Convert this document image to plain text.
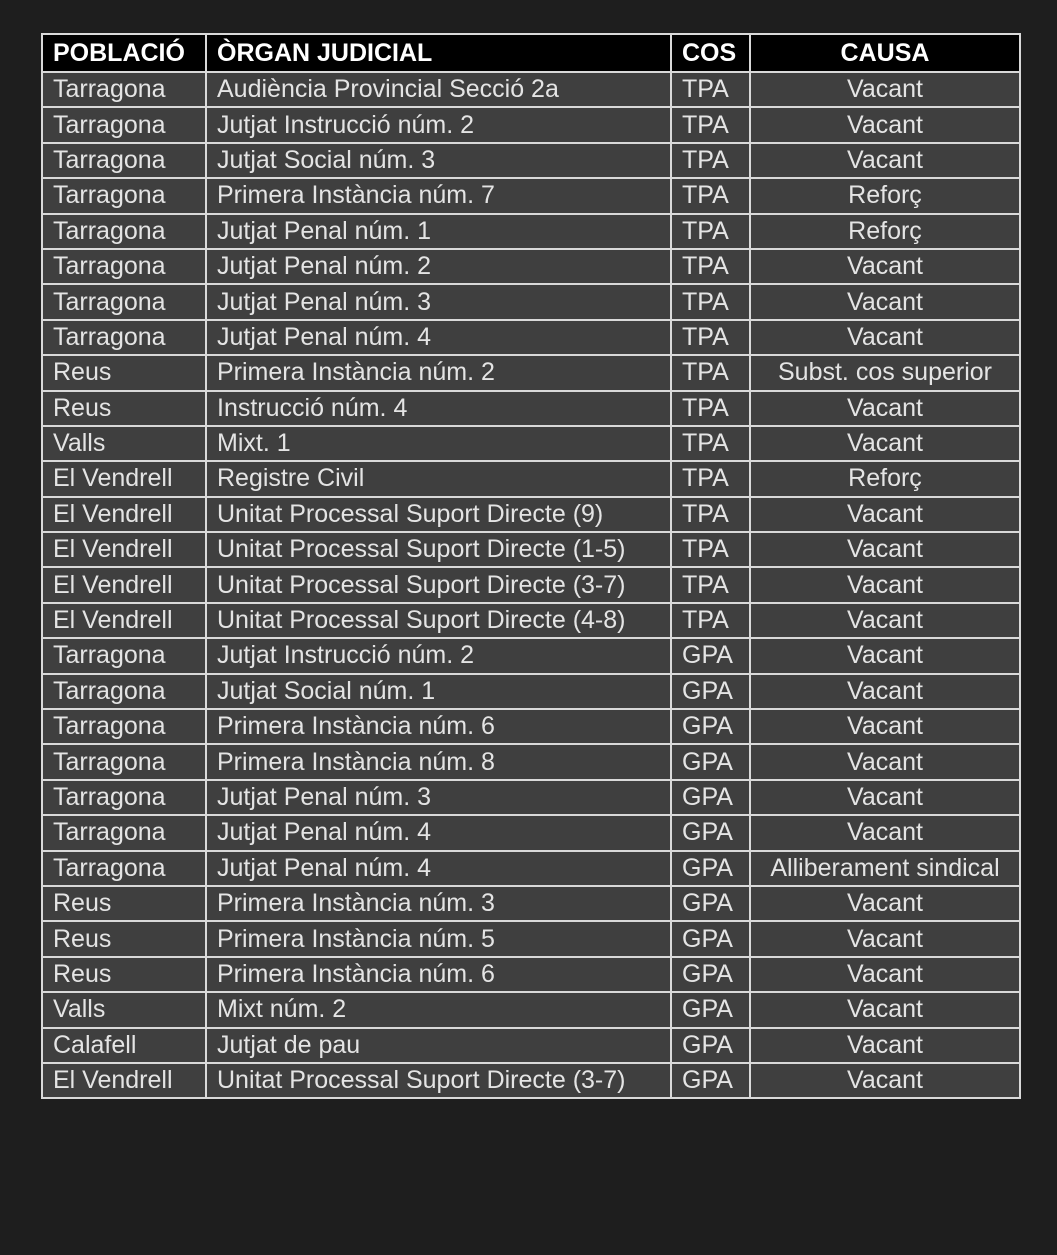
POBLACIÓ	ÒRGAN JUDICIAL	COS	CAUSA
Tarragona	Audiència Provincial Secció 2a	TPA	Vacant
Tarragona	Jutjat Instrucció núm. 2	TPA	Vacant
Tarragona	Jutjat Social núm. 3	TPA	Vacant
Tarragona	Primera Instància núm. 7	TPA	Reforç
Tarragona	Jutjat Penal núm. 1	TPA	Reforç
Tarragona	Jutjat Penal núm. 2	TPA	Vacant
Tarragona	Jutjat Penal núm. 3	TPA	Vacant
Tarragona	Jutjat Penal núm. 4	TPA	Vacant
Reus	Primera Instància núm. 2	TPA	Subst. cos superior
Reus	Instrucció núm. 4	TPA	Vacant
Valls	Mixt. 1	TPA	Vacant
El Vendrell	Registre Civil	TPA	Reforç
El Vendrell	Unitat Processal Suport Directe (9)	TPA	Vacant
El Vendrell	Unitat Processal Suport Directe (1-5)	TPA	Vacant
El Vendrell	Unitat Processal Suport Directe (3-7)	TPA	Vacant
El Vendrell	Unitat Processal Suport Directe (4-8)	TPA	Vacant
Tarragona	Jutjat Instrucció núm. 2	GPA	Vacant
Tarragona	Jutjat Social núm. 1	GPA	Vacant
Tarragona	Primera Instància núm. 6	GPA	Vacant
Tarragona	Primera Instància núm. 8	GPA	Vacant
Tarragona	Jutjat Penal núm. 3	GPA	Vacant
Tarragona	Jutjat Penal núm. 4	GPA	Vacant
Tarragona	Jutjat Penal núm. 4	GPA	Alliberament sindical
Reus	Primera Instància núm. 3	GPA	Vacant
Reus	Primera Instància núm. 5	GPA	Vacant
Reus	Primera Instància núm. 6	GPA	Vacant
Valls	Mixt núm. 2	GPA	Vacant
Calafell	Jutjat de pau	GPA	Vacant
El Vendrell	Unitat Processal Suport Directe (3-7)	GPA	Vacant
